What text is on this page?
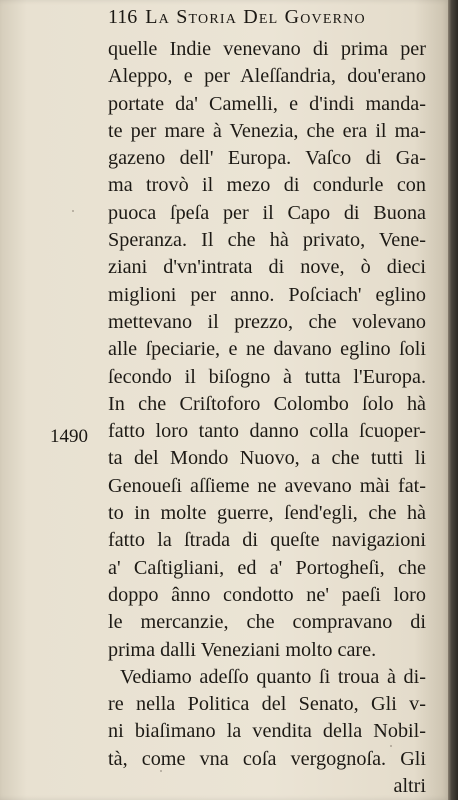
116 La Storia Del Governo
1490
quelle Indie venevano di prima per
Aleppo, e per Aleſſandria, dou'erano
portate da' Camelli, e d'indi manda-
te per mare à Venezia, che era il ma-
gazeno dell' Europa. Vaſco di Ga-
ma trovò il mezo di condurle con
puoca ſpeſa per il Capo di Buona
Speranza. Il che hà privato, Vene-
ziani d'vn'intrata di nove, ò dieci
miglioni per anno. Poſciach' eglino
mettevano il prezzo, che volevano
alle ſpeciarie, e ne davano eglino ſoli
ſecondo il biſogno à tutta l'Europa.
In che Criſtoforo Colombo ſolo hà
fatto loro tanto danno colla ſcuoper-
ta del Mondo Nuovo, a che tutti li
Genoueſi aſſieme ne avevano mài fat-
to in molte guerre, ſend'egli, che hà
fatto la ſtrada di queſte navigazioni
a' Caſtigliani, ed a' Portogheſi, che
doppo ânno condotto ne' paeſi loro
le mercanzie, che compravano di
prima dalli Veneziani molto care.
Vediamo adeſſo quanto ſi troua à di-
re nella Politica del Senato, Gli v-
ni biaſimano la vendita della Nobil-
tà, come vna coſa vergognoſa. Gli
altri
